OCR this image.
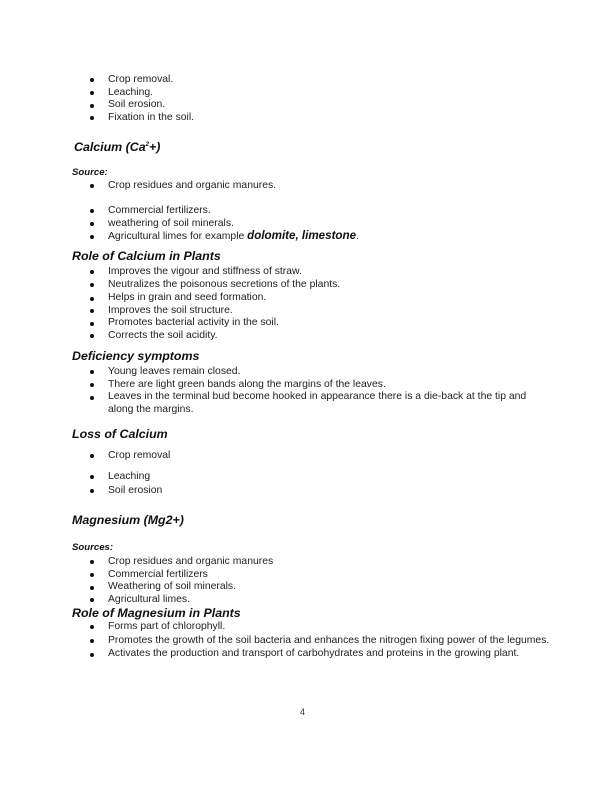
Crop removal.
Leaching.
Soil erosion.
Fixation in the soil.
Calcium $(Ca^2+)$
Source:
Crop residues and organic manures.
Commercial fertilizers.
weathering of soil minerals.
Agricultural limes for example dolomite, limestone.
Role of Calcium in Plants
Improves the vigour and stiffness of straw.
Neutralizes the poisonous secretions of the plants.
Helps in grain and seed formation.
Improves the soil structure.
Promotes bacterial activity in the soil.
Corrects the soil acidity.
Deficiency symptoms
Young leaves remain closed.
There are light green bands along the margins of the leaves.
Leaves in the terminal bud become hooked in appearance there is a die-back at the tip and along the margins.
Loss of Calcium
Crop removal
Leaching
Soil erosion
Magnesium (Mg2+)
Sources:
Crop residues and organic manures
Commercial fertilizers
Weathering of soil minerals.
Agricultural limes.
Role of Magnesium in Plants
Forms part of chlorophyll.
Promotes the growth of the soil bacteria and enhances the nitrogen fixing power of the legumes.
Activates the production and transport of carbohydrates and proteins in the growing plant.
4
